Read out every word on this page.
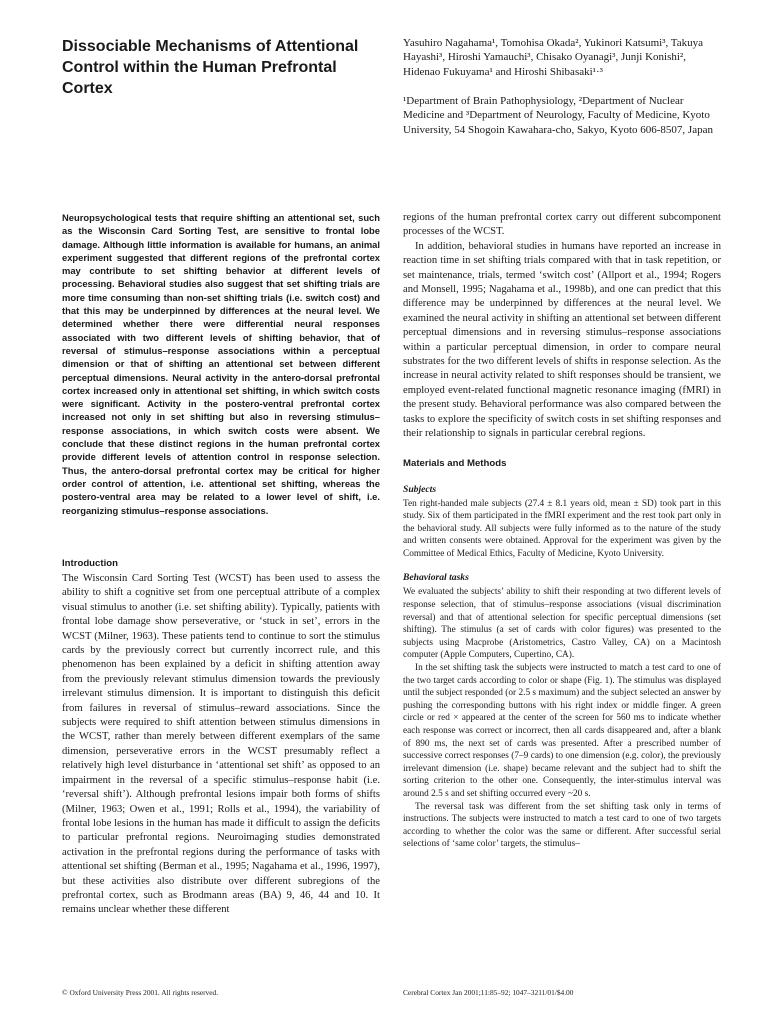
Dissociable Mechanisms of Attentional Control within the Human Prefrontal Cortex
Yasuhiro Nagahama¹, Tomohisa Okada², Yukinori Katsumi³, Takuya Hayashi³, Hiroshi Yamauchi³, Chisako Oyanagi³, Junji Konishi², Hidenao Fukuyama¹ and Hiroshi Shibasaki¹·³
¹Department of Brain Pathophysiology, ²Department of Nuclear Medicine and ³Department of Neurology, Faculty of Medicine, Kyoto University, 54 Shogoin Kawahara-cho, Sakyo, Kyoto 606-8507, Japan
Neuropsychological tests that require shifting an attentional set, such as the Wisconsin Card Sorting Test, are sensitive to frontal lobe damage. Although little information is available for humans, an animal experiment suggested that different regions of the prefrontal cortex may contribute to set shifting behavior at different levels of processing. Behavioral studies also suggest that set shifting trials are more time consuming than non-set shifting trials (i.e. switch cost) and that this may be underpinned by differences at the neural level. We determined whether there were differential neural responses associated with two different levels of shifting behavior, that of reversal of stimulus–response associations within a perceptual dimension or that of shifting an attentional set between different perceptual dimensions. Neural activity in the antero-dorsal prefrontal cortex increased only in attentional set shifting, in which switch costs were significant. Activity in the postero-ventral prefrontal cortex increased not only in set shifting but also in reversing stimulus–response associations, in which switch costs were absent. We conclude that these distinct regions in the human prefrontal cortex provide different levels of attention control in response selection. Thus, the antero-dorsal prefrontal cortex may be critical for higher order control of attention, i.e. attentional set shifting, whereas the postero-ventral area may be related to a lower level of shift, i.e. reorganizing stimulus–response associations.
Introduction

The Wisconsin Card Sorting Test (WCST) has been used to assess the ability to shift a cognitive set from one perceptual attribute of a complex visual stimulus to another (i.e. set shifting ability). Typically, patients with frontal lobe damage show perseverative, or ‘stuck in set’, errors in the WCST (Milner, 1963). These patients tend to continue to sort the stimulus cards by the previously correct but currently incorrect rule, and this phenomenon has been explained by a deficit in shifting attention away from the previously relevant stimulus dimension towards the previously irrelevant stimulus dimension. It is important to distinguish this deficit from failures in reversal of stimulus–reward associations. Since the subjects were required to shift attention between stimulus dimensions in the WCST, rather than merely between different exemplars of the same dimension, perseverative errors in the WCST presumably reflect a relatively high level disturbance in ‘attentional set shift’ as opposed to an impairment in the reversal of a specific stimulus–response habit (i.e. ‘reversal shift’). Although prefrontal lesions impair both forms of shifts (Milner, 1963; Owen et al., 1991; Rolls et al., 1994), the variability of frontal lobe lesions in the human has made it difficult to assign the deficits to particular prefrontal regions. Neuroimaging studies demonstrated activation in the prefrontal regions during the performance of tasks with attentional set shifting (Berman et al., 1995; Nagahama et al., 1996, 1997), but these activities also distribute over different subregions of the prefrontal cortex, such as Brodmann areas (BA) 9, 46, 44 and 10. It remains unclear whether these different

regions of the human prefrontal cortex carry out different subcomponent processes of the WCST.

In addition, behavioral studies in humans have reported an increase in reaction time in set shifting trials compared with that in task repetition, or set maintenance, trials, termed ‘switch cost’ (Allport et al., 1994; Rogers and Monsell, 1995; Nagahama et al., 1998b), and one can predict that this difference may be underpinned by differences at the neural level. We examined the neural activity in shifting an attentional set between different perceptual dimensions and in reversing stimulus–response associations within a particular perceptual dimension, in order to compare neural substrates for the two different levels of shifts in response selection. As the increase in neural activity related to shift responses should be transient, we employed event-related functional magnetic resonance imaging (fMRI) in the present study. Behavioral performance was also compared between the tasks to explore the specificity of switch costs in set shifting responses and their relationship to signals in particular cerebral regions.

Materials and Methods
Subjects

Ten right-handed male subjects (27.4 ± 8.1 years old, mean ± SD) took part in this study. Six of them participated in the fMRI experiment and the rest took part only in the behavioral study. All subjects were fully informed as to the nature of the study and written consents were obtained. Approval for the experiment was given by the Committee of Medical Ethics, Faculty of Medicine, Kyoto University.

Behavioral tasks

We evaluated the subjects’ ability to shift their responding at two different levels of response selection, that of stimulus–response associations (visual discrimination reversal) and that of attentional selection for specific perceptual dimensions (set shifting). The stimulus (a set of cards with color figures) was presented to the subjects using Macprobe (Aristometrics, Castro Valley, CA) on a Macintosh computer (Apple Computers, Cupertino, CA).

In the set shifting task the subjects were instructed to match a test card to one of the two target cards according to color or shape (Fig. 1). The stimulus was displayed until the subject responded (or 2.5 s maximum) and the subject selected an answer by pushing the corresponding buttons with his right index or middle finger. A green circle or red × appeared at the center of the screen for 560 ms to indicate whether each response was correct or incorrect, then all cards disappeared and, after a blank of 890 ms, the next set of cards was presented. After a prescribed number of successive correct responses (7–9 cards) to one dimension (e.g. color), the previously irrelevant dimension (i.e. shape) became relevant and the subject had to shift the sorting criterion to the other one. Consequently, the inter-stimulus interval was around 2.5 s and set shifting occurred every ~20 s.

The reversal task was different from the set shifting task only in terms of instructions. The subjects were instructed to match a test card to one of two targets according to whether the color was the same or different. After successful serial selections of ‘same color’ targets, the stimulus–

© Oxford University Press 2001. All rights reserved.	Cerebral Cortex Jan 2001;11:85–92; 1047–3211/01/$4.00
